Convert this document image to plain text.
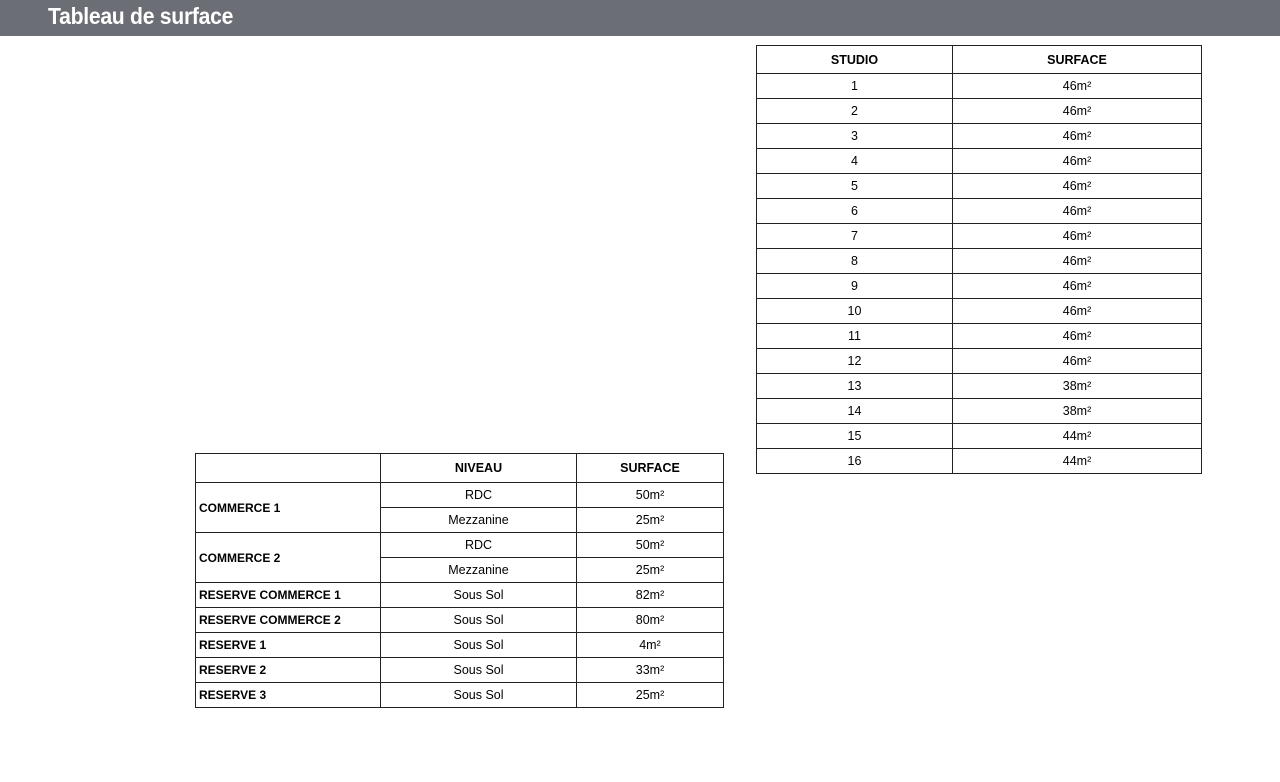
Tableau de surface
STUDIO	SURFACE
1	46m²
2	46m²
3	46m²
4	46m²
5	46m²
6	46m²
7	46m²
8	46m²
9	46m²
10	46m²
11	46m²
12	46m²
13	38m²
14	38m²
15	44m²
16	44m²
	NIVEAU	SURFACE
COMMERCE 1	RDC	50m²
	Mezzanine	25m²
COMMERCE 2	RDC	50m²
	Mezzanine	25m²
RESERVE COMMERCE 1	Sous Sol	82m²
RESERVE COMMERCE 2	Sous Sol	80m²
RESERVE 1	Sous Sol	4m²
RESERVE 2	Sous Sol	33m²
RESERVE 3	Sous Sol	25m²
